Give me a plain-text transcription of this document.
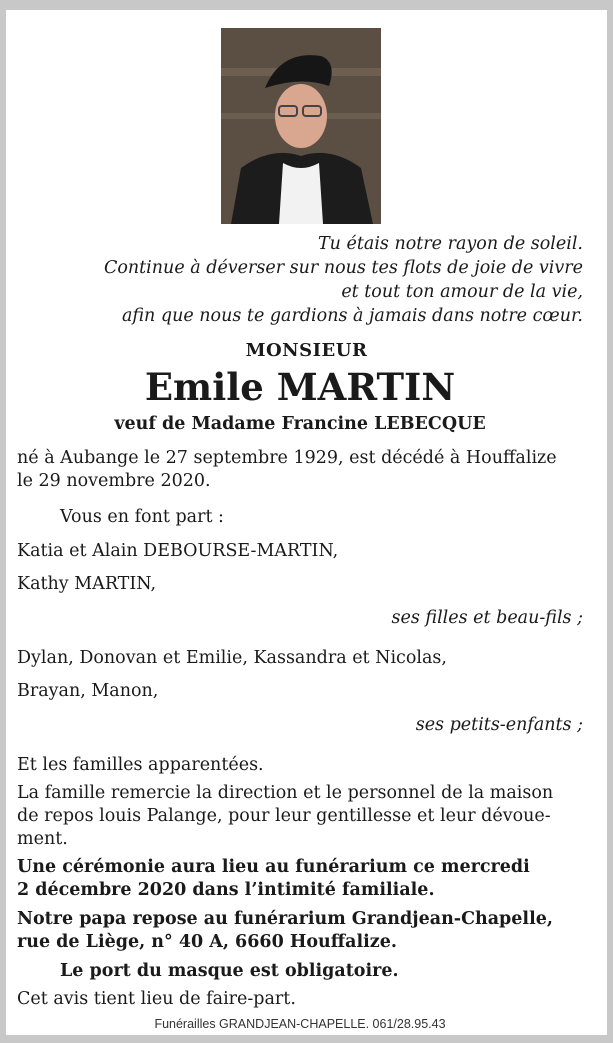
Tu étais notre rayon de soleil.
Continue à déverser sur nous tes flots de joie de vivre
et tout ton amour de la vie,
afin que nous te gardions à jamais dans notre cœur.
MONSIEUR
Emile MARTIN
veuf de Madame Francine LEBECQUE
né à Aubange le 27 septembre 1929, est décédé à Houffalize
le 29 novembre 2020.
Vous en font part :
Katia et Alain DEBOURSE-MARTIN,
Kathy MARTIN,
ses filles et beau-fils ;
Dylan, Donovan et Emilie, Kassandra et Nicolas,
Brayan, Manon,
ses petits-enfants ;
Et les familles apparentées.
La famille remercie la direction et le personnel de la maison
de repos louis Palange, pour leur gentillesse et leur dévoue-
ment.
Une cérémonie aura lieu au funérarium ce mercredi
2 décembre 2020 dans l’intimité familiale.
Notre papa repose au funérarium Grandjean-Chapelle,
rue de Liège, n° 40 A, 6660 Houffalize.
Le port du masque est obligatoire.
Cet avis tient lieu de faire-part.
Funérailles GRANDJEAN-CHAPELLE. 061/28.95.43
